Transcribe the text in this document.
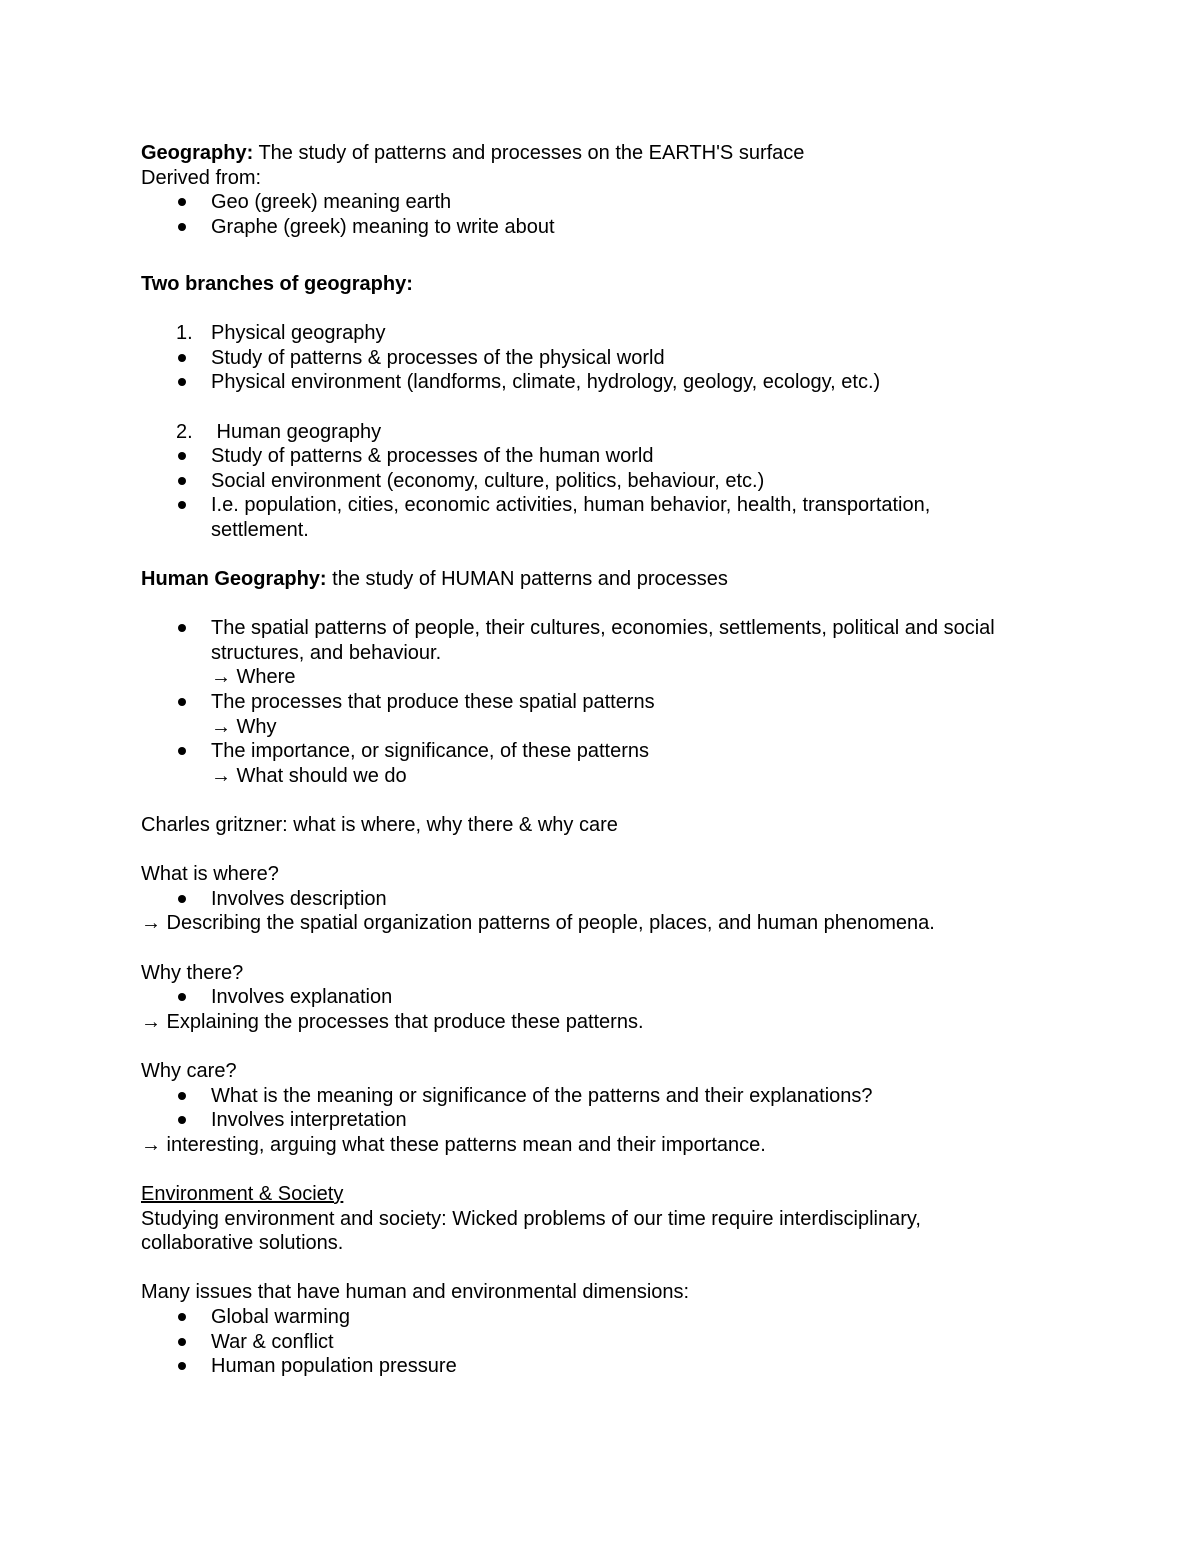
Geography: The study of patterns and processes on the EARTH'S surface

Derived from:

Geo (greek) meaning earth
Graphe (greek) meaning to write about

Two branches of geography:

1. Physical geography
Study of patterns & processes of the physical world
Physical environment (landforms, climate, hydrology, geology, ecology, etc.)
2. Human geography
Study of patterns & processes of the human world
Social environment (economy, culture, politics, behaviour, etc.)
I.e. population, cities, economic activities, human behavior, health, transportation, settlement.

Human Geography: the study of HUMAN patterns and processes

The spatial patterns of people, their cultures, economies, settlements, political and social structures, and behaviour.
→ Where
The processes that produce these spatial patterns
→ Why
The importance, or significance, of these patterns
→ What should we do

Charles gritzner: what is where, why there & why care

What is where?

Involves description

→ Describing the spatial organization patterns of people, places, and human phenomena.

Why there?

Involves explanation

→ Explaining the processes that produce these patterns.

Why care?

What is the meaning or significance of the patterns and their explanations?
Involves interpretation

→ interesting, arguing what these patterns mean and their importance.

Environment & Society

Studying environment and society: Wicked problems of our time require interdisciplinary, collaborative solutions.

Many issues that have human and environmental dimensions:

Global warming
War & conflict
Human population pressure
